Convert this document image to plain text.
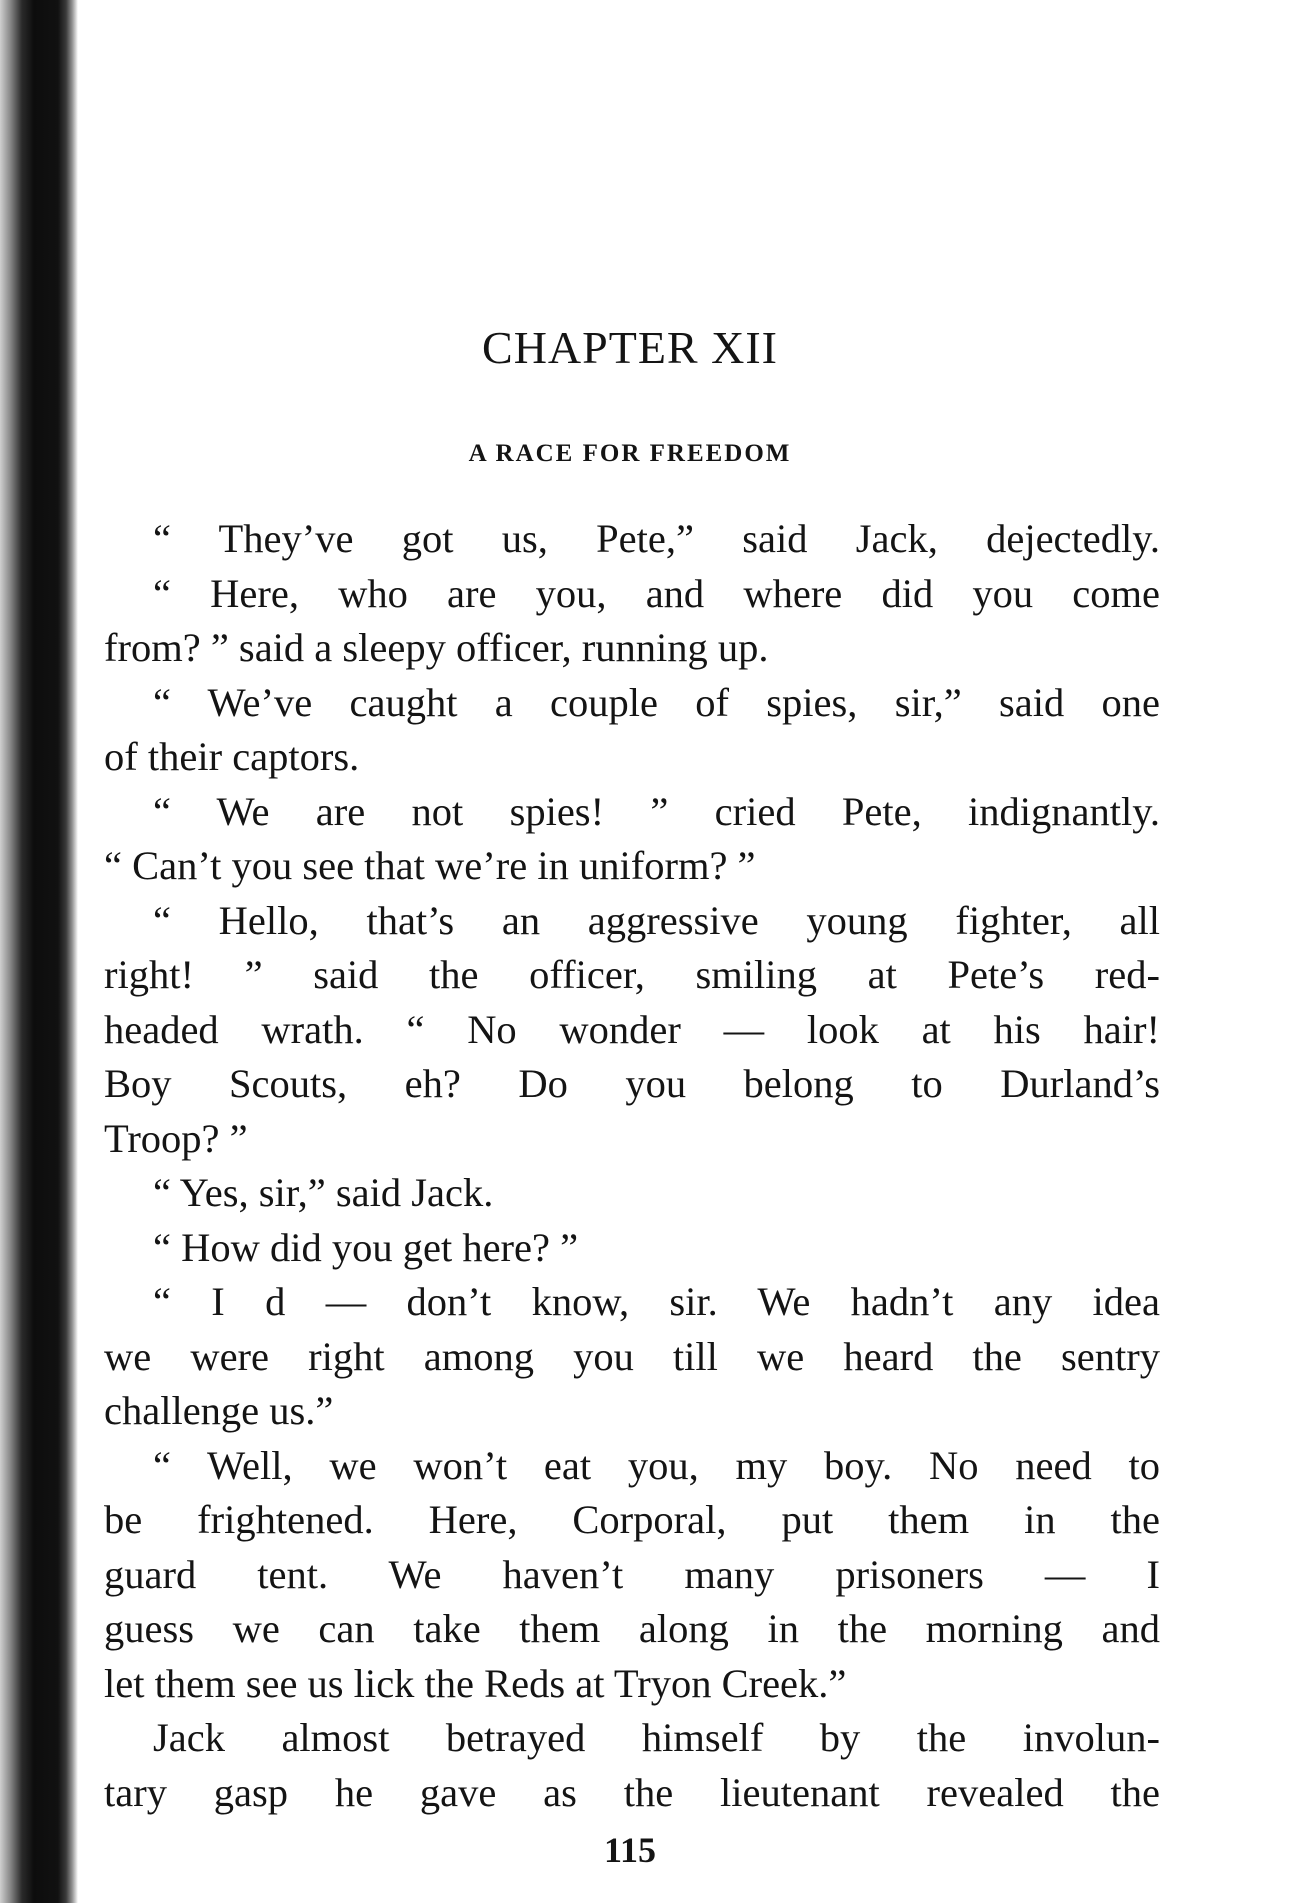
CHAPTER XII
A RACE FOR FREEDOM
“ They’ve got us, Pete,” said Jack, dejectedly.
“ Here, who are you, and where did you come
from? ” said a sleepy officer, running up.
“ We’ve caught a couple of spies, sir,” said one
of their captors.
“ We are not spies! ” cried Pete, indignantly.
“ Can’t you see that we’re in uniform? ”
“ Hello, that’s an aggressive young fighter, all
right! ” said the officer, smiling at Pete’s red-
headed wrath. “ No wonder — look at his hair!
Boy Scouts, eh? Do you belong to Durland’s
Troop? ”
“ Yes, sir,” said Jack.
“ How did you get here? ”
“ I d — don’t know, sir. We hadn’t any idea
we were right among you till we heard the sentry
challenge us.”
“ Well, we won’t eat you, my boy. No need to
be frightened. Here, Corporal, put them in the
guard tent. We haven’t many prisoners — I
guess we can take them along in the morning and
let them see us lick the Reds at Tryon Creek.”
Jack almost betrayed himself by the involun-
tary gasp he gave as the lieutenant revealed the
115
